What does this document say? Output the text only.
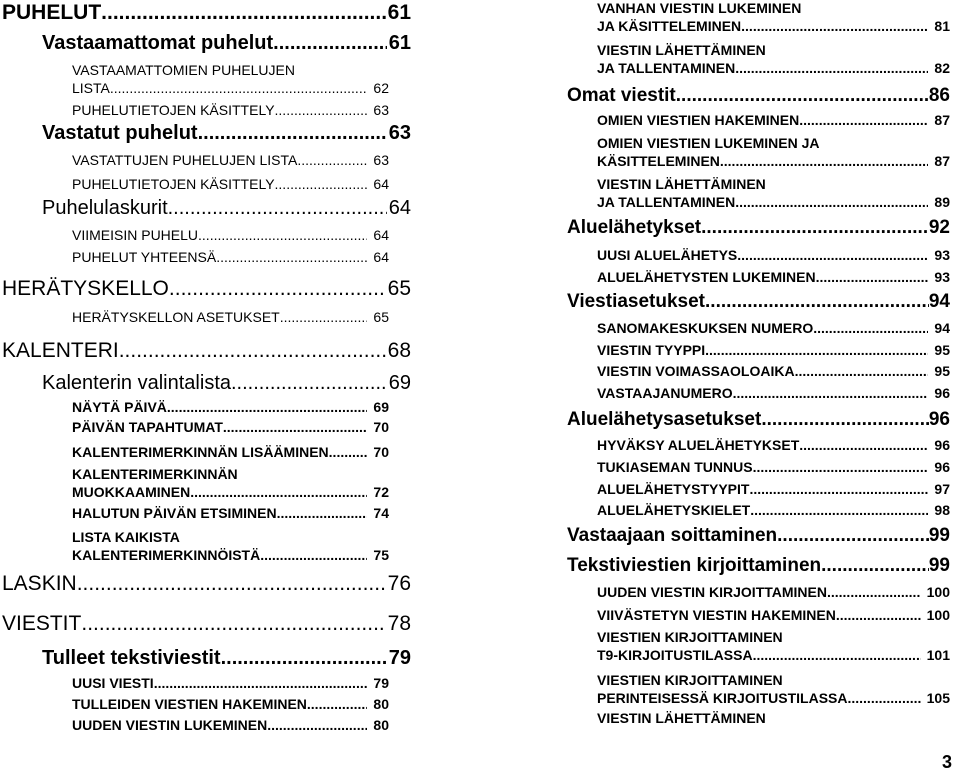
PUHELUT .....	61
Vastaamattomat puhelut .....	61
VASTAAMATTOMIEN PUHELUJEN
LISTA .....	62
PUHELUTIETOJEN KÄSITTELY .....	63
Vastatut puhelut .....	63
VASTATTUJEN PUHELUJEN LISTA .....	63
PUHELUTIETOJEN KÄSITTELY .....	64
Puhelulaskurit .....	64
VIIMEISIN PUHELU .....	64
PUHELUT YHTEENSÄ .....	64
HERÄTYSKELLO .....	65
HERÄTYSKELLON ASETUKSET .....	65
KALENTERI .....	68
Kalenterin valintalista .....	69
NÄYTÄ PÄIVÄ .....	69
PÄIVÄN TAPAHTUMAT .....	70
KALENTERIMERKINNÄN LISÄÄMINEN .....	70
KALENTERIMERKINNÄN
MUOKKAAMINEN .....	72
HALUTUN PÄIVÄN ETSIMINEN .....	74
LISTA KAIKISTA
KALENTERIMERKINNÖISTÄ .....	75
LASKIN .....	76
VIESTIT .....	78
Tulleet tekstiviestit .....	79
UUSI VIESTI .....	79
TULLEIDEN VIESTIEN HAKEMINEN .....	80
UUDEN VIESTIN LUKEMINEN .....	80
VANHAN VIESTIN LUKEMINEN
JA KÄSITTELEMINEN .....	81
VIESTIN LÄHETTÄMINEN
JA TALLENTAMINEN .....	82
Omat viestit .....	86
OMIEN VIESTIEN HAKEMINEN .....	87
OMIEN VIESTIEN LUKEMINEN JA
KÄSITTELEMINEN .....	87
VIESTIN LÄHETTÄMINEN
JA TALLENTAMINEN .....	89
Aluelähetykset .....	92
UUSI ALUELÄHETYS .....	93
ALUELÄHETYSTEN LUKEMINEN .....	93
Viestiasetukset .....	94
SANOMAKESKUKSEN NUMERO .....	94
VIESTIN TYYPPI .....	95
VIESTIN VOIMASSAOLOAIKA .....	95
VASTAAJANUMERO .....	96
Aluelähetysasetukset .....	96
HYVÄKSY ALUELÄHETYKSET .....	96
TUKIASEMAN TUNNUS .....	96
ALUELÄHETYSTYYPIT .....	97
ALUELÄHETYSKIELET .....	98
Vastaajaan soittaminen .....	99
Tekstiviestien kirjoittaminen .....	99
UUDEN VIESTIN KIRJOITTAMINEN .....	100
VIIVÄSTETYN VIESTIN HAKEMINEN .....	100
VIESTIEN KIRJOITTAMINEN
T9-KIRJOITUSTILASSA .....	101
VIESTIEN KIRJOITTAMINEN
PERINTEISESSÄ KIRJOITUSTILASSA .....	105
VIESTIN LÄHETTÄMINEN
3
